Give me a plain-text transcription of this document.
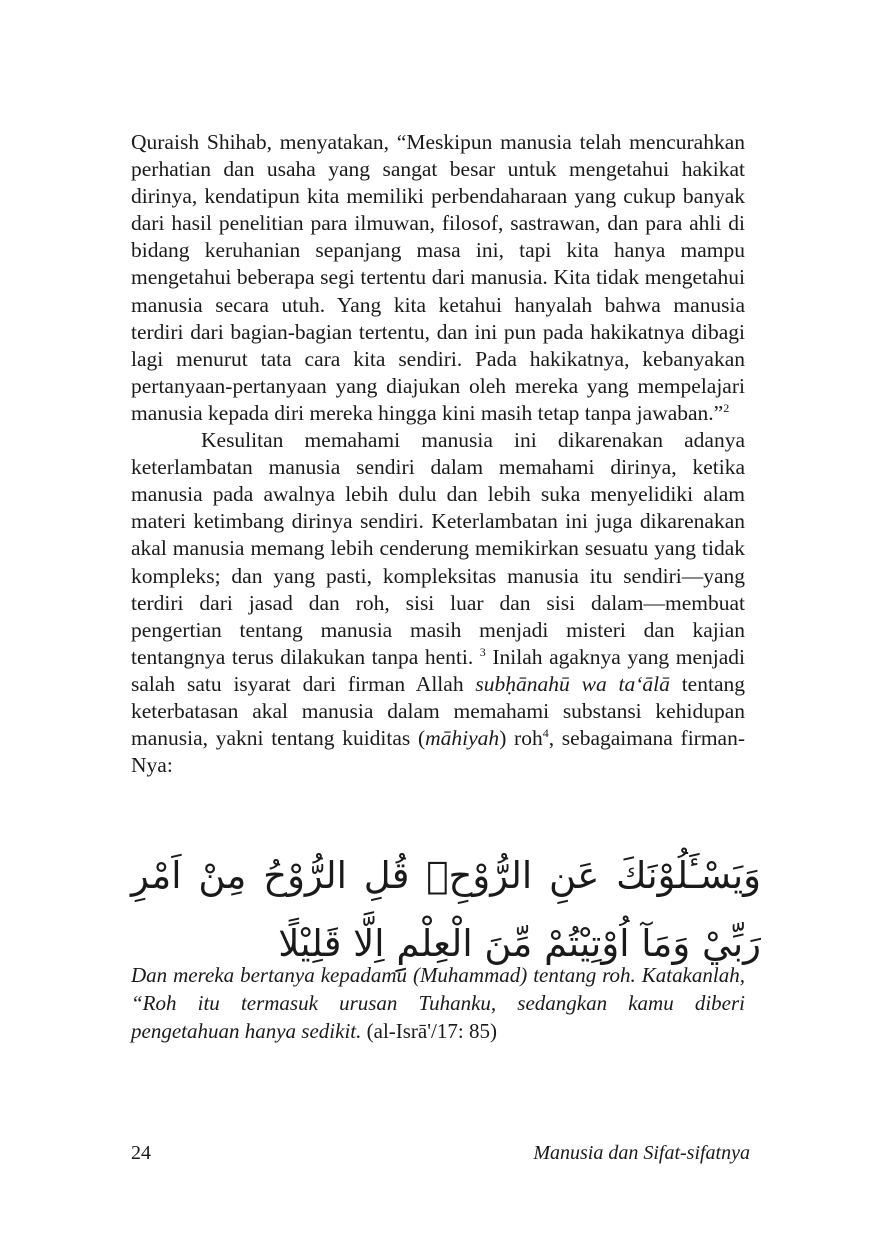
Quraish Shihab, menyatakan, “Meskipun manusia telah mencurahkan perhatian dan usaha yang sangat besar untuk mengetahui hakikat dirinya, kendatipun kita memiliki perbendaharaan yang cukup banyak dari hasil penelitian para ilmuwan, filosof, sastrawan, dan para ahli di bidang keruhanian sepanjang masa ini, tapi kita hanya mampu mengetahui beberapa segi tertentu dari manusia. Kita tidak mengetahui manusia secara utuh. Yang kita ketahui hanyalah bahwa manusia terdiri dari bagian-bagian tertentu, dan ini pun pada hakikatnya dibagi lagi menurut tata cara kita sendiri. Pada hakikatnya, kebanyakan pertanyaan-pertanyaan yang diajukan oleh mereka yang mempelajari manusia kepada diri mereka hingga kini masih tetap tanpa jawaban.”$^2$

Kesulitan memahami manusia ini dikarenakan adanya keterlambatan manusia sendiri dalam memahami dirinya, ketika manusia pada awalnya lebih dulu dan lebih suka menyelidiki alam materi ketimbang dirinya sendiri. Keterlambatan ini juga dikarenakan akal manusia memang lebih cenderung memikirkan sesuatu yang tidak kompleks; dan yang pasti, kompleksitas manusia itu sendiri—yang terdiri dari jasad dan roh, sisi luar dan sisi dalam—membuat pengertian tentang manusia masih menjadi misteri dan kajian tentangnya terus dilakukan tanpa henti. $^3$ Inilah agaknya yang menjadi salah satu isyarat dari firman Allah subḥānahū wa ta‘ālā tentang keterbatasan akal manusia dalam memahami substansi kehidupan manusia, yakni tentang kuiditas (māhiyah) roh$^4$, sebagaimana firman-Nya:

وَيَسْـَٔلُوْنَكَ عَنِ الرُّوْحِۗ قُلِ الرُّوْحُ مِنْ اَمْرِ رَبِّيْ وَمَآ اُوْتِيْتُمْ مِّنَ الْعِلْمِ اِلَّا قَلِيْلًا
Dan mereka bertanya kepadamu (Muhammad) tentang roh. Katakanlah, “Roh itu termasuk urusan Tuhanku, sedangkan kamu diberi pengetahuan hanya sedikit. (al-Isrā'/17: 85)
24	Manusia dan Sifat-sifatnya
